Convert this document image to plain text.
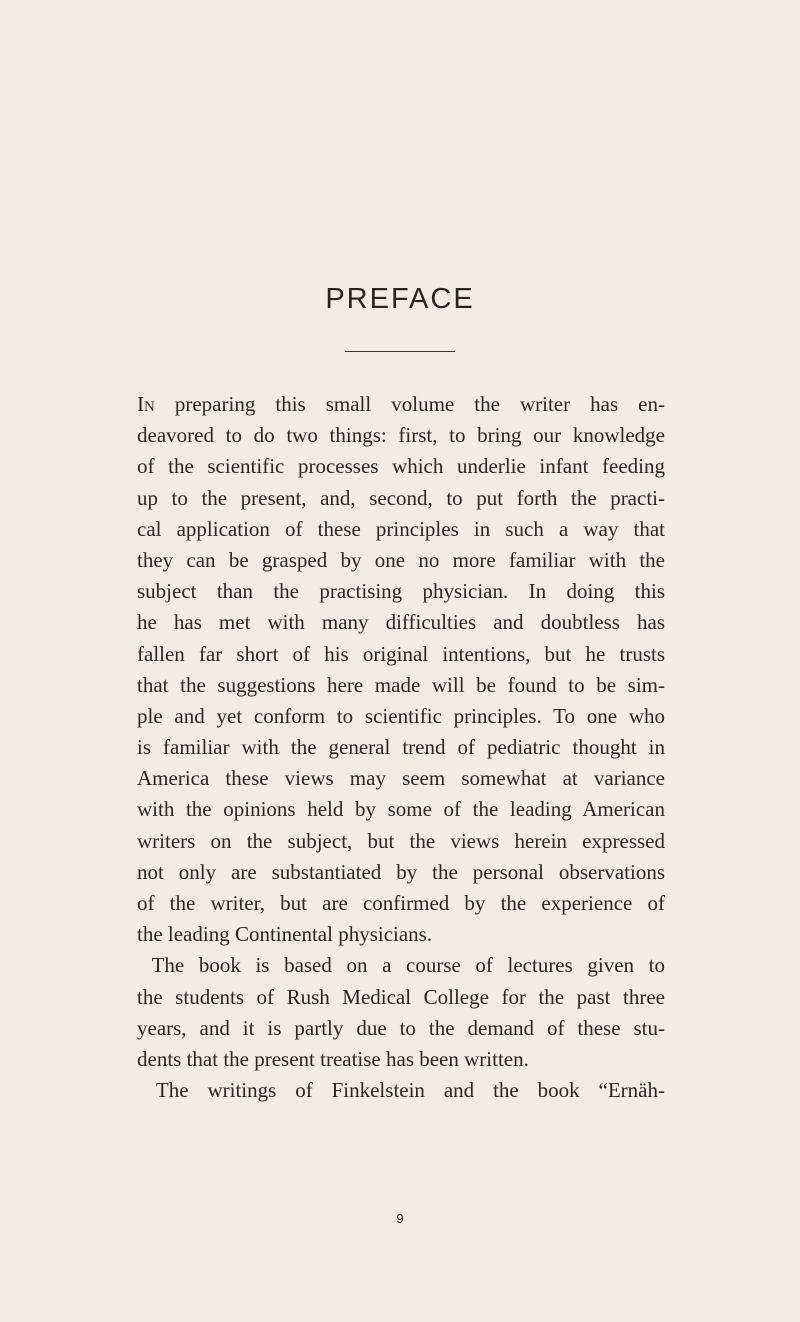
PREFACE
In preparing this small volume the writer has en-
deavored to do two things: first, to bring our knowledge
of the scientific processes which underlie infant feeding
up to the present, and, second, to put forth the practi-
cal application of these principles in such a way that
they can be grasped by one no more familiar with the
subject than the practising physician. In doing this
he has met with many difficulties and doubtless has
fallen far short of his original intentions, but he trusts
that the suggestions here made will be found to be sim-
ple and yet conform to scientific principles. To one who
is familiar with the general trend of pediatric thought in
America these views may seem somewhat at variance
with the opinions held by some of the leading American
writers on the subject, but the views herein expressed
not only are substantiated by the personal observations
of the writer, but are confirmed by the experience of
the leading Continental physicians.
The book is based on a course of lectures given to
the students of Rush Medical College for the past three
years, and it is partly due to the demand of these stu-
dents that the present treatise has been written.
The writings of Finkelstein and the book “Ernäh-
9
